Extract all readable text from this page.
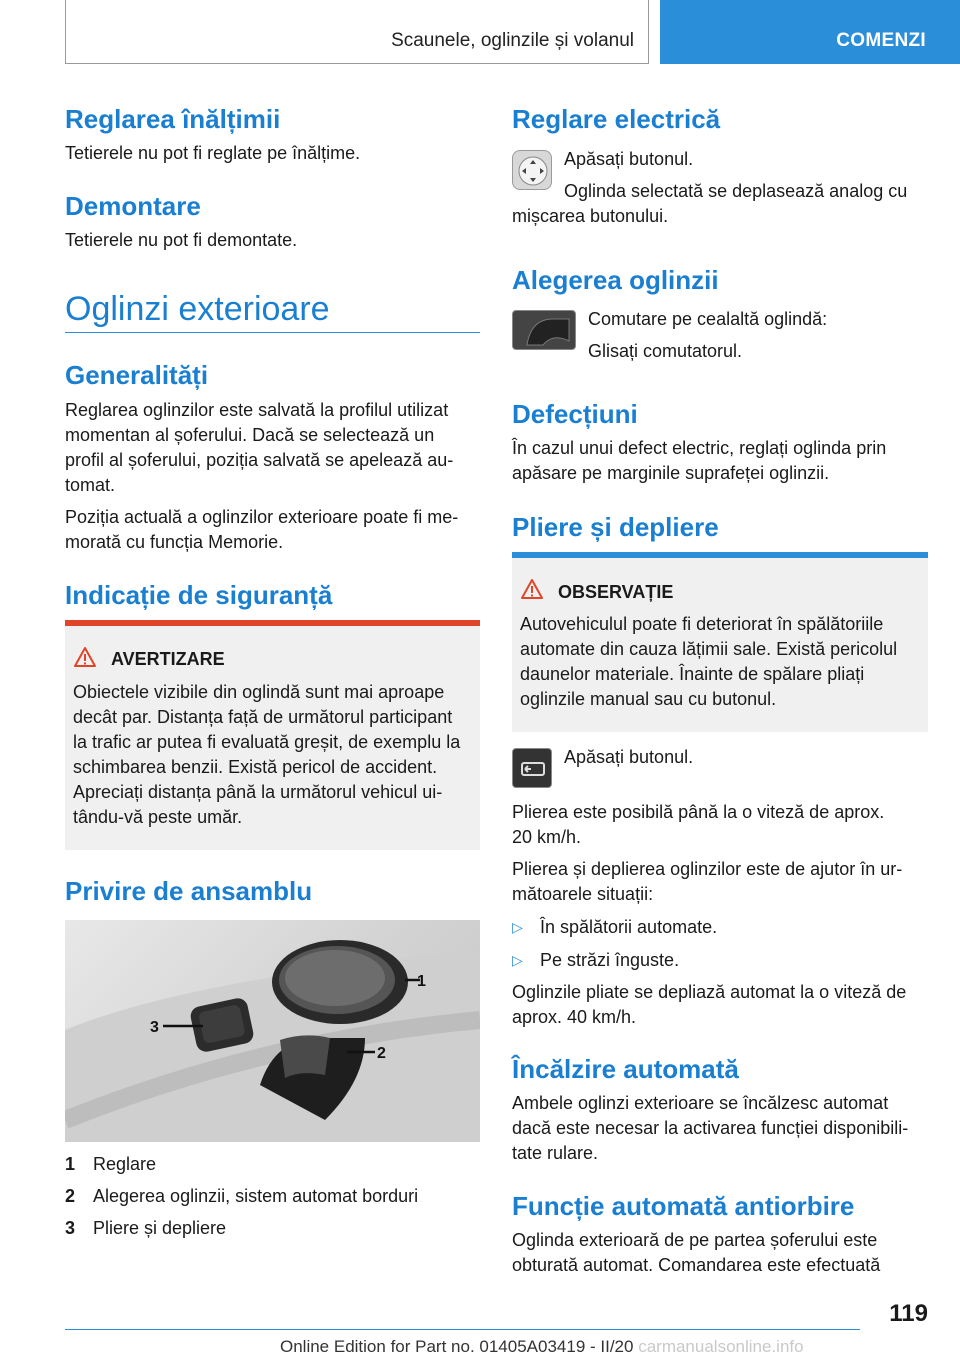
Scaunele, oglinzile și volanul	COMENZI
Reglarea înălțimii

Tetierele nu pot fi reglate pe înălțime.

Demontare

Tetierele nu pot fi demontate.

Oglinzi exterioare
Generalități

Reglarea oglinzilor este salvată la profilul utilizat

momentan al șoferului. Dacă se selectează un

profil al șoferului, poziția salvată se apelează au-

tomat.

Poziția actuală a oglinzilor exterioare poate fi me-

morată cu funcția Memorie.

Indicație de siguranță
AVERTIZARE
Obiectele vizibile din oglindă sunt mai aproape
decât par. Distanța față de următorul participant
la trafic ar putea fi evaluată greșit, de exemplu la
schimbarea benzii. Există pericol de accident.
Apreciați distanța până la următorul vehicul ui-
tându-vă peste umăr.
Privire de ansamblu
1 Reglare
2 Alegerea oglinzii, sistem automat borduri
3 Pliere și depliere
1
2
3
Reglare electrică

Apăsați butonul.

Oglinda selectată se deplasează analog cu

mișcarea butonului.

Alegerea oglinzii

Comutare pe cealaltă oglindă:

Glisați comutatorul.

Defecțiuni

În cazul unui defect electric, reglați oglinda prin

apăsare pe marginile suprafeței oglinzii.

Pliere și depliere
OBSERVAȚIE
Autovehiculul poate fi deteriorat în spălătoriile
automate din cauza lățimii sale. Există pericolul
daunelor materiale. Înainte de spălare pliați
oglinzile manual sau cu butonul.

Apăsați butonul.

Plierea este posibilă până la o viteză de aprox.

20 km/h.

Plierea și deplierea oglinzilor este de ajutor în ur-

mătoarele situații:

▷ În spălătorii automate.

▷ Pe străzi înguste.

Oglinzile pliate se depliază automat la o viteză de

aprox. 40 km/h.

Încălzire automată

Ambele oglinzi exterioare se încălzesc automat

dacă este necesar la activarea funcției disponibili-

tate rulare.

Funcție automată antiorbire

Oglinda exterioară de pe partea șoferului este

obturată automat. Comandarea este efectuată

119
Online Edition for Part no. 01405A03419 - II/20 carmanualsonline.info
